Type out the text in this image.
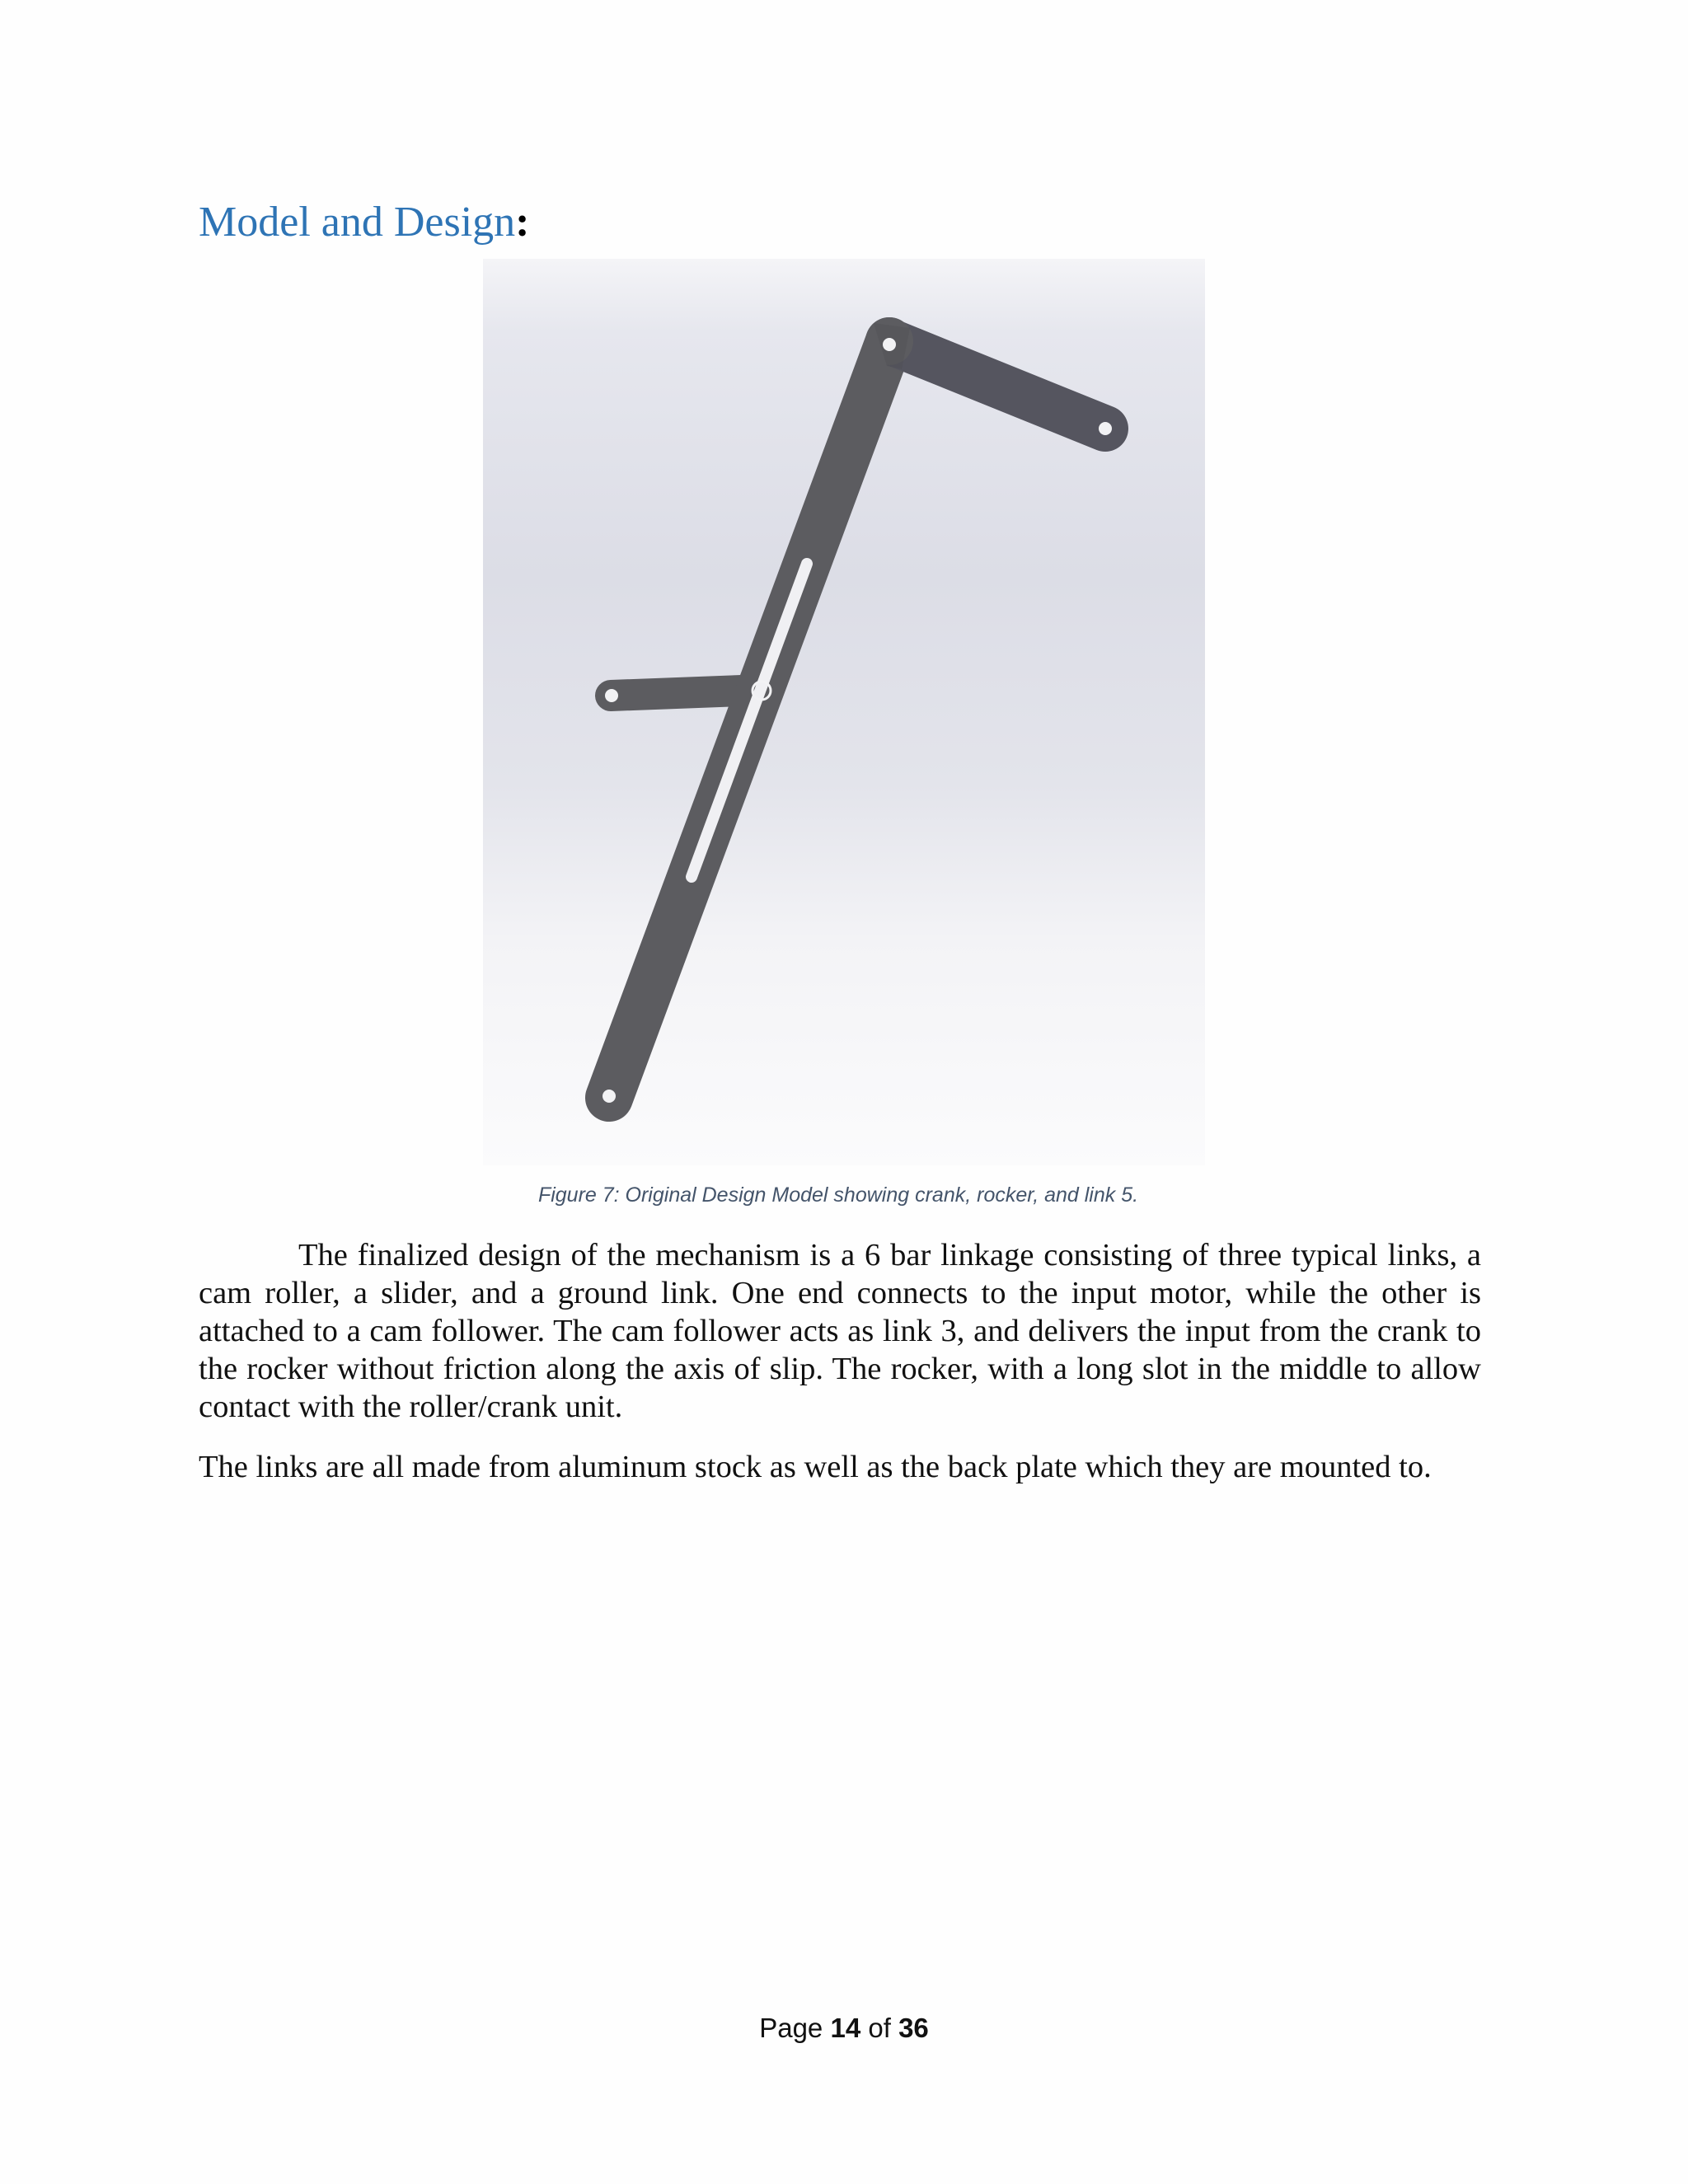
Model and Design:
Figure 7: Original Design Model showing crank, rocker, and link 5.

The finalized design of the mechanism is a 6 bar linkage consisting of three typical links, a cam roller, a slider, and a ground link. One end connects to the input motor, while the other is attached to a cam follower. The cam follower acts as link 3, and delivers the input from the crank to the rocker without friction along the axis of slip. The rocker, with a long slot in the middle to allow contact with the roller/crank unit.

The links are all made from aluminum stock as well as the back plate which they are mounted to.

Page 14 of 36
